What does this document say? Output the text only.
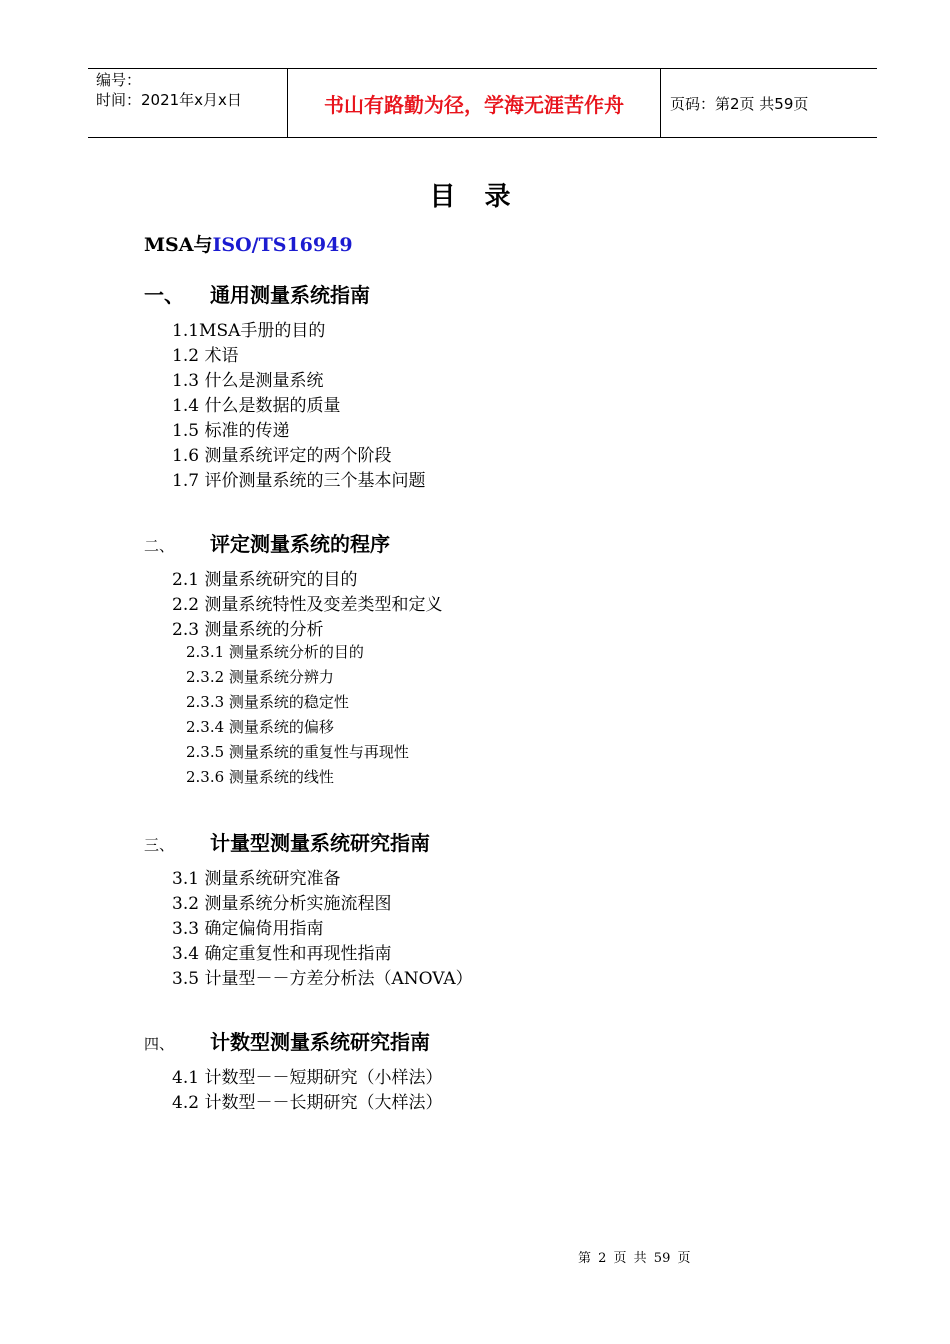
编号：
时间：2021年x月x日	书山有路勤为径，学海无涯苦作舟	页码：第2页 共59页
目 录
MSA与ISO/TS16949
一、 通用测量系统指南
1.1MSA手册的目的
1.2 术语
1.3 什么是测量系统
1.4 什么是数据的质量
1.5 标准的传递
1.6 测量系统评定的两个阶段
1.7 评价测量系统的三个基本问题
二、 评定测量系统的程序
2.1 测量系统研究的目的
2.2 测量系统特性及变差类型和定义
2.3 测量系统的分析
2.3.1 测量系统分析的目的
2.3.2 测量系统分辨力
2.3.3 测量系统的稳定性
2.3.4 测量系统的偏移
2.3.5 测量系统的重复性与再现性
2.3.6 测量系统的线性
三、 计量型测量系统研究指南
3.1 测量系统研究准备
3.2 测量系统分析实施流程图
3.3 确定偏倚用指南
3.4 确定重复性和再现性指南
3.5 计量型－－方差分析法（ANOVA）
四、 计数型测量系统研究指南
4.1 计数型－－短期研究（小样法）
4.2 计数型－－长期研究（大样法）
第 2 页 共 59 页
